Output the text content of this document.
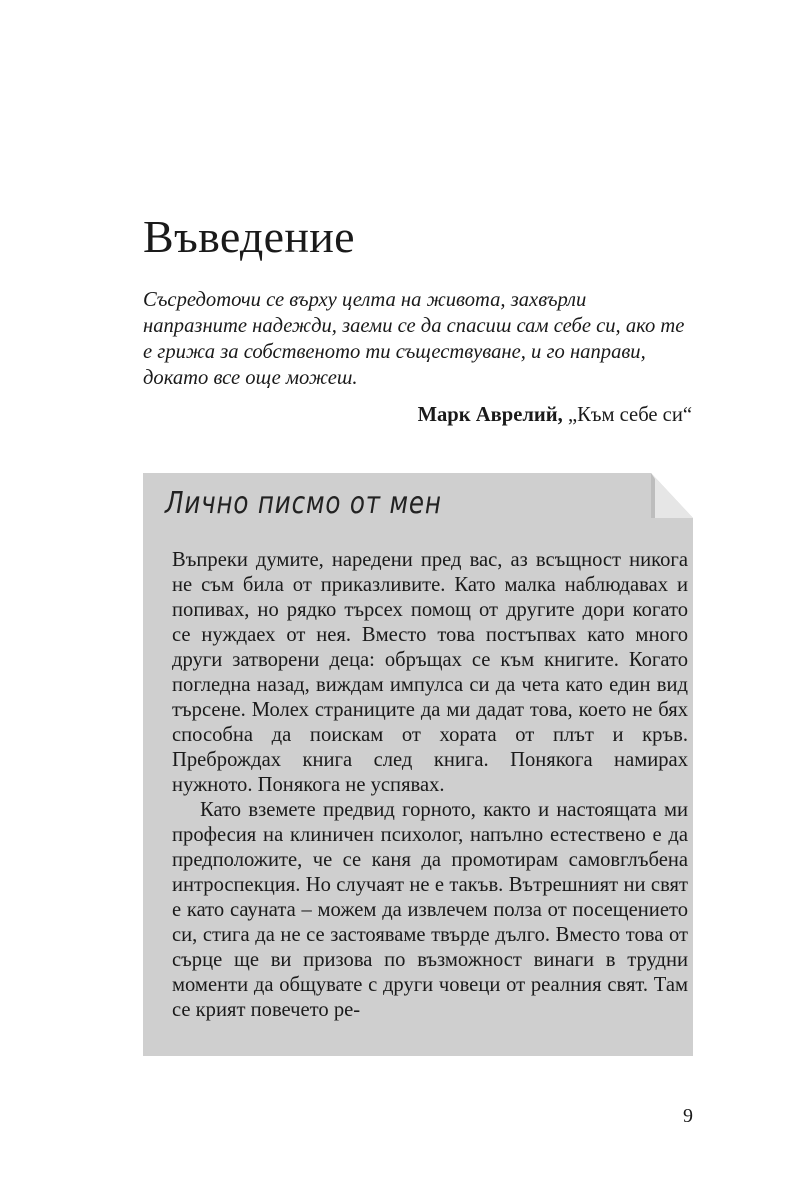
Въведение

Съсредоточи се върху целта на живота, захвърли напразните надежди, заеми се да спасиш сам себе си, ако те е грижа за собственото ти съществуване, и го направи, докато все още можеш.

Марк Аврелий, „Към себе си“
Лично писмо от мен

Въпреки думите, наредени пред вас, аз всъщност никога не съм била от приказливите. Като малка наблюдавах и попивах, но рядко търсех помощ от другите дори когато се нуждаех от нея. Вместо това постъпвах като много други затворени деца: обръщах се към книгите. Когато погледна назад, виждам импулса си да чета като един вид търсене. Молех страниците да ми дадат това, което не бях способна да поискам от хората от плът и кръв. Преброждах книга след книга. Понякога намирах нужното. Понякога не успявах.

Като вземете предвид горното, както и настоящата ми професия на клиничен психолог, напълно естествено е да предположите, че се каня да промотирам самовглъбена интроспекция. Но случаят не е такъв. Вътрешният ни свят е като сауната – можем да извлечем полза от посещението си, стига да не се застояваме твърде дълго. Вместо това от сърце ще ви призова по възможност винаги в трудни моменти да общувате с други човеци от реалния свят. Там се крият повечето ре-

9
